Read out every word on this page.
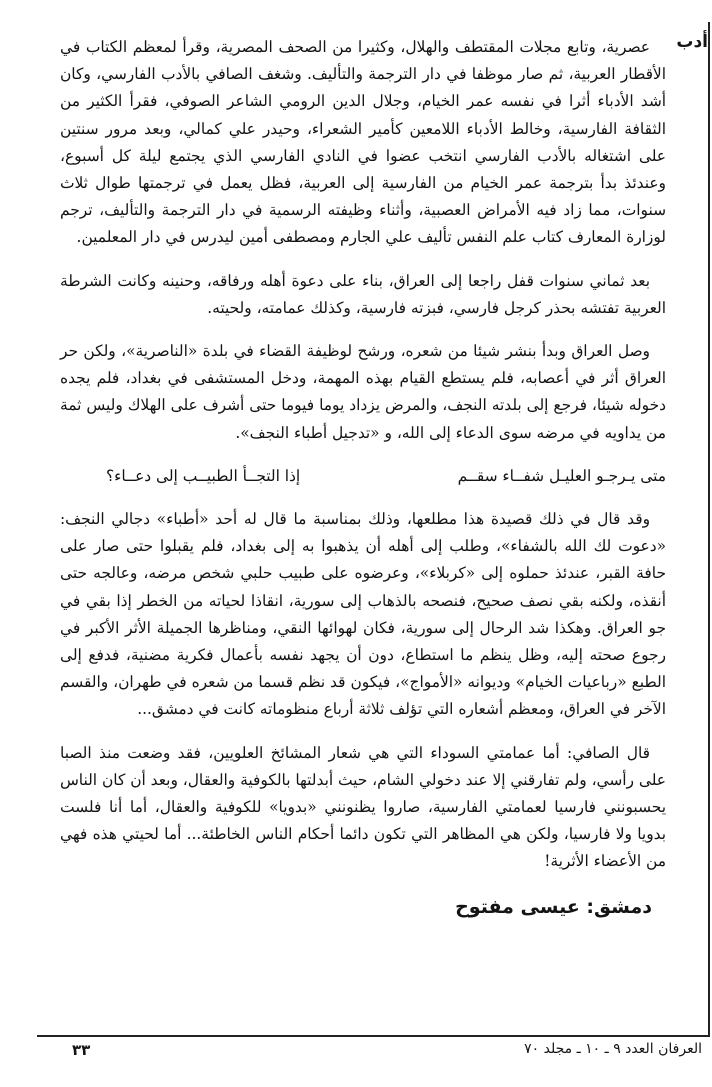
أدب

عصرية، وتابع مجلات المقتطف والهلال، وكثيرا من الصحف المصرية، وقرأ لمعظم الكتاب في الأقطار العربية، ثم صار موظفا في دار الترجمة والتأليف. وشغف الصافي بالأدب الفارسي، وكان أشد الأدباء أثرا في نفسه عمر الخيام، وجلال الدين الرومي الشاعر الصوفي، فقرأ الكثير من الثقافة الفارسية، وخالط الأدباء اللامعين كأمير الشعراء، وحيدر علي كمالي، وبعد مرور سنتين على اشتغاله بالأدب الفارسي انتخب عضوا في النادي الفارسي الذي يجتمع ليلة كل أسبوع، وعندئذ بدأ بترجمة عمر الخيام من الفارسية إلى العربية، فظل يعمل في ترجمتها طوال ثلاث سنوات، مما زاد فيه الأمراض العصبية، وأثناء وظيفته الرسمية في دار الترجمة والتأليف، ترجم لوزارة المعارف كتاب علم النفس تأليف علي الجارم ومصطفى أمين ليدرس في دار المعلمين.

بعد ثماني سنوات قفل راجعا إلى العراق، بناء على دعوة أهله ورفاقه، وحنينه وكانت الشرطة العربية تفتشه بحذر كرجل فارسي، فبزته فارسية، وكذلك عمامته، ولحيته.

وصل العراق وبدأ بنشر شيئا من شعره، ورشح لوظيفة القضاء في بلدة «الناصرية»، ولكن حر العراق أثر في أعصابه، فلم يستطع القيام بهذه المهمة، ودخل المستشفى في بغداد، فلم يجده دخوله شيئا، فرجع إلى بلدته النجف، والمرض يزداد يوما فيوما حتى أشرف على الهلاك وليس ثمة من يداويه في مرضه سوى الدعاء إلى الله، و «تدجيل أطباء النجف».

متى يـرجـو العليـل شفــاء سقــم
إذا التجــأ الطبيــب إلى دعــاء؟

وقد قال في ذلك قصيدة هذا مطلعها، وذلك بمناسبة ما قال له أحد «أطباء» دجالي النجف: «دعوت لك الله بالشفاء»، وطلب إلى أهله أن يذهبوا به إلى بغداد، فلم يقبلوا حتى صار على حافة القبر، عندئذ حملوه إلى «كربلاء»، وعرضوه على طبيب حلبي شخص مرضه، وعالجه حتى أنقذه، ولكنه بقي نصف صحيح، فنصحه بالذهاب إلى سورية، انقاذا لحياته من الخطر إذا بقي في جو العراق. وهكذا شد الرحال إلى سورية، فكان لهوائها النقي، ومناظرها الجميلة الأثر الأكبر في رجوع صحته إليه، وظل ينظم ما استطاع، دون أن يجهد نفسه بأعمال فكرية مضنية، فدفع إلى الطبع «رباعيات الخيام» وديوانه «الأمواج»، فيكون قد نظم قسما من شعره في طهران، والقسم الآخر في العراق، ومعظم أشعاره التي تؤلف ثلاثة أرباع منظوماته كانت في دمشق...

قال الصافي: أما عمامتي السوداء التي هي شعار المشائخ العلويين، فقد وضعت منذ الصبا على رأسي، ولم تفارقني إلا عند دخولي الشام، حيث أبدلتها بالكوفية والعقال، وبعد أن كان الناس يحسبونني فارسيا لعمامتي الفارسية، صاروا يظنونني «بدويا» للكوفية والعقال، أما أنا فلست بدويا ولا فارسيا، ولكن هي المظاهر التي تكون دائما أحكام الناس الخاطئة... أما لحيتي هذه فهي من الأعضاء الأثرية!

دمشق: عيسى مفتوح
العرفان العدد ٩ ـ ١٠ ـ مجلد ٧٠
٣٣
